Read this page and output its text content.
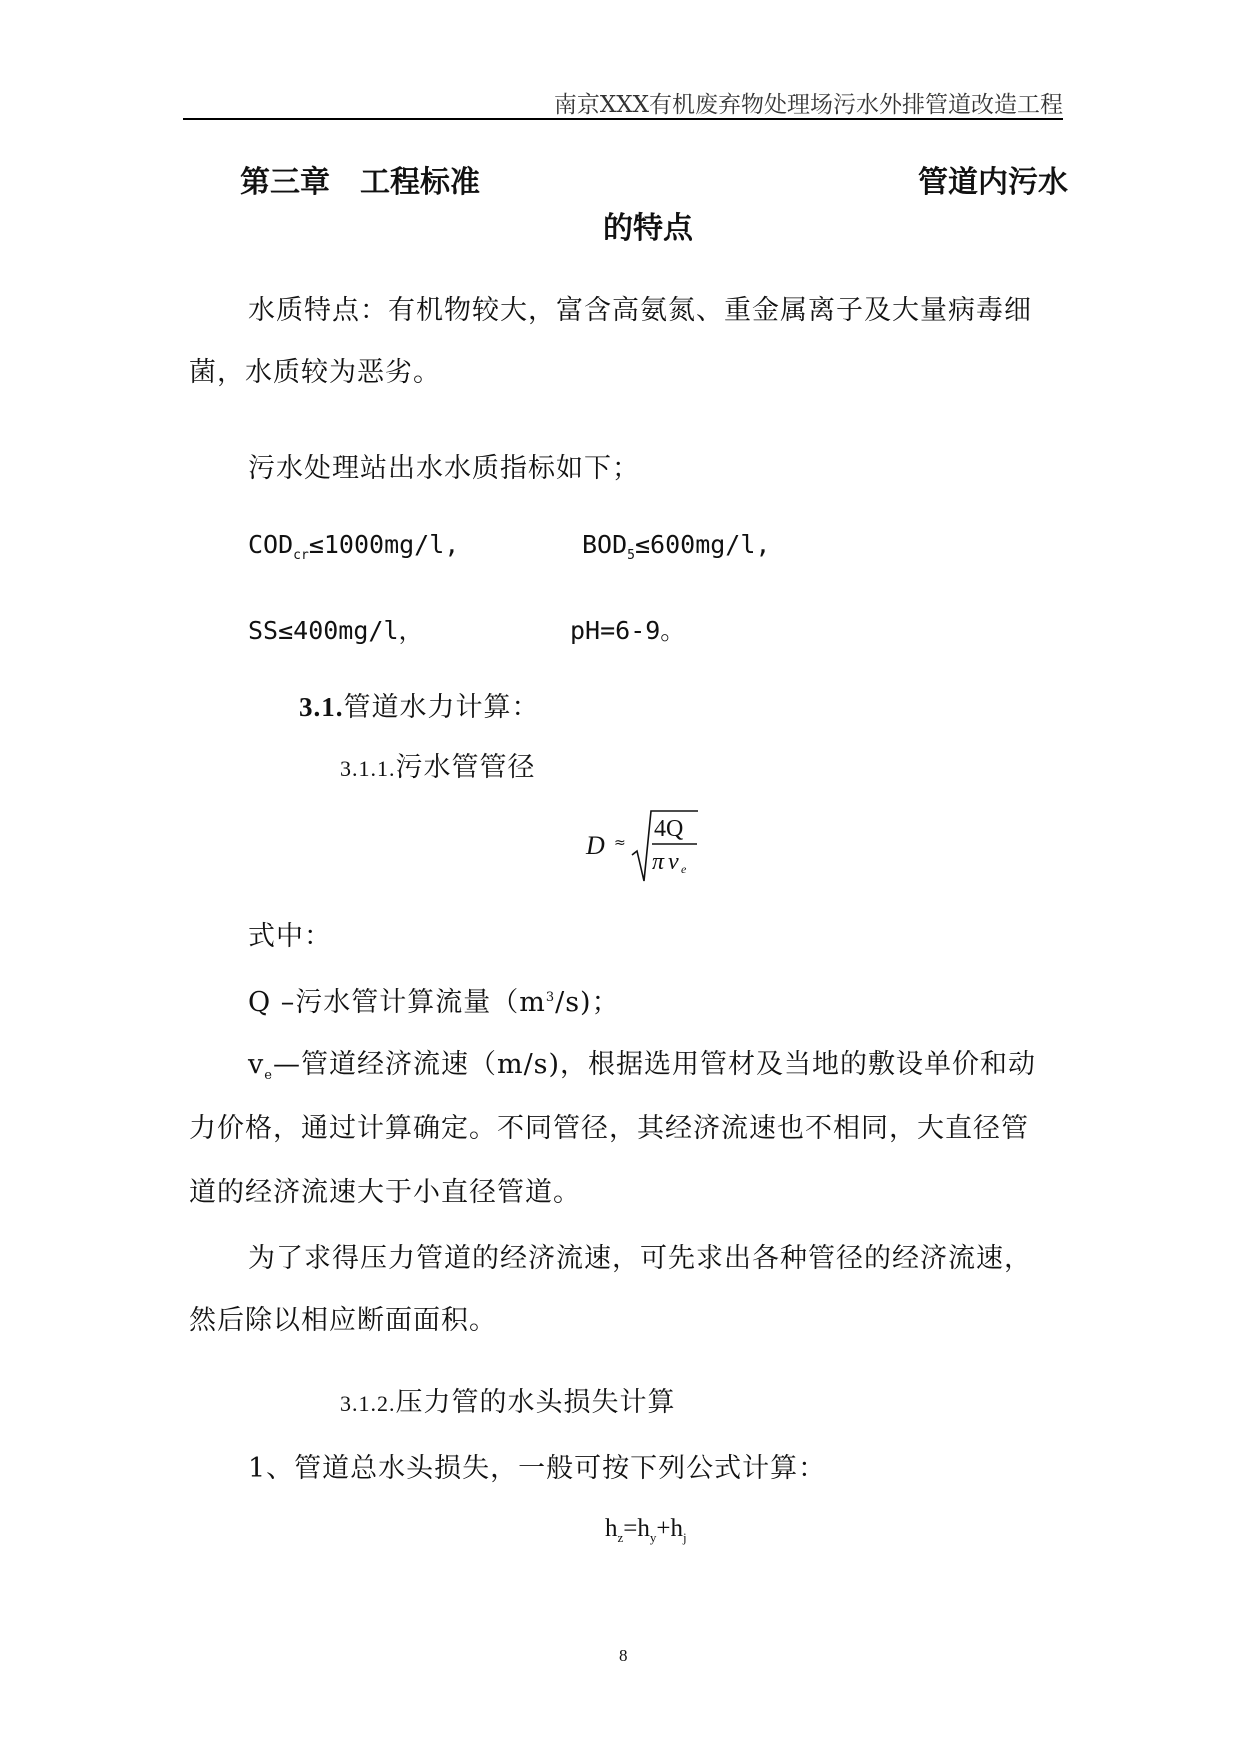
南京XXX有机废弃物处理场污水外排管道改造工程
第三章　工程标准	管道内污水
的特点
水质特点：有机物较大，富含高氨氮、重金属离子及大量病毒细
菌，水质较为恶劣。
污水处理站出水水质指标如下；
$COD_{cr}\le 1000mg/l$,	$BOD_5\le 600mg/l$,
SS≤400mg/l，	pH=6-9。
3.1.管道水力计算：
3.1.1.污水管管径
D ≈
4Q
π v e
式中：
Q –污水管计算流量$(m^3/s)$；
$v_e—$管道经济流速（m/s)，根据选用管材及当地的敷设单价和动
力价格，通过计算确定。不同管径，其经济流速也不相同，大直径管
道的经济流速大于小直径管道。
为了求得压力管道的经济流速，可先求出各种管径的经济流速，
然后除以相应断面面积。
3.1.2.压力管的水头损失计算
1、管道总水头损失，一般可按下列公式计算：
$h_z=h_y+h_j$
8
